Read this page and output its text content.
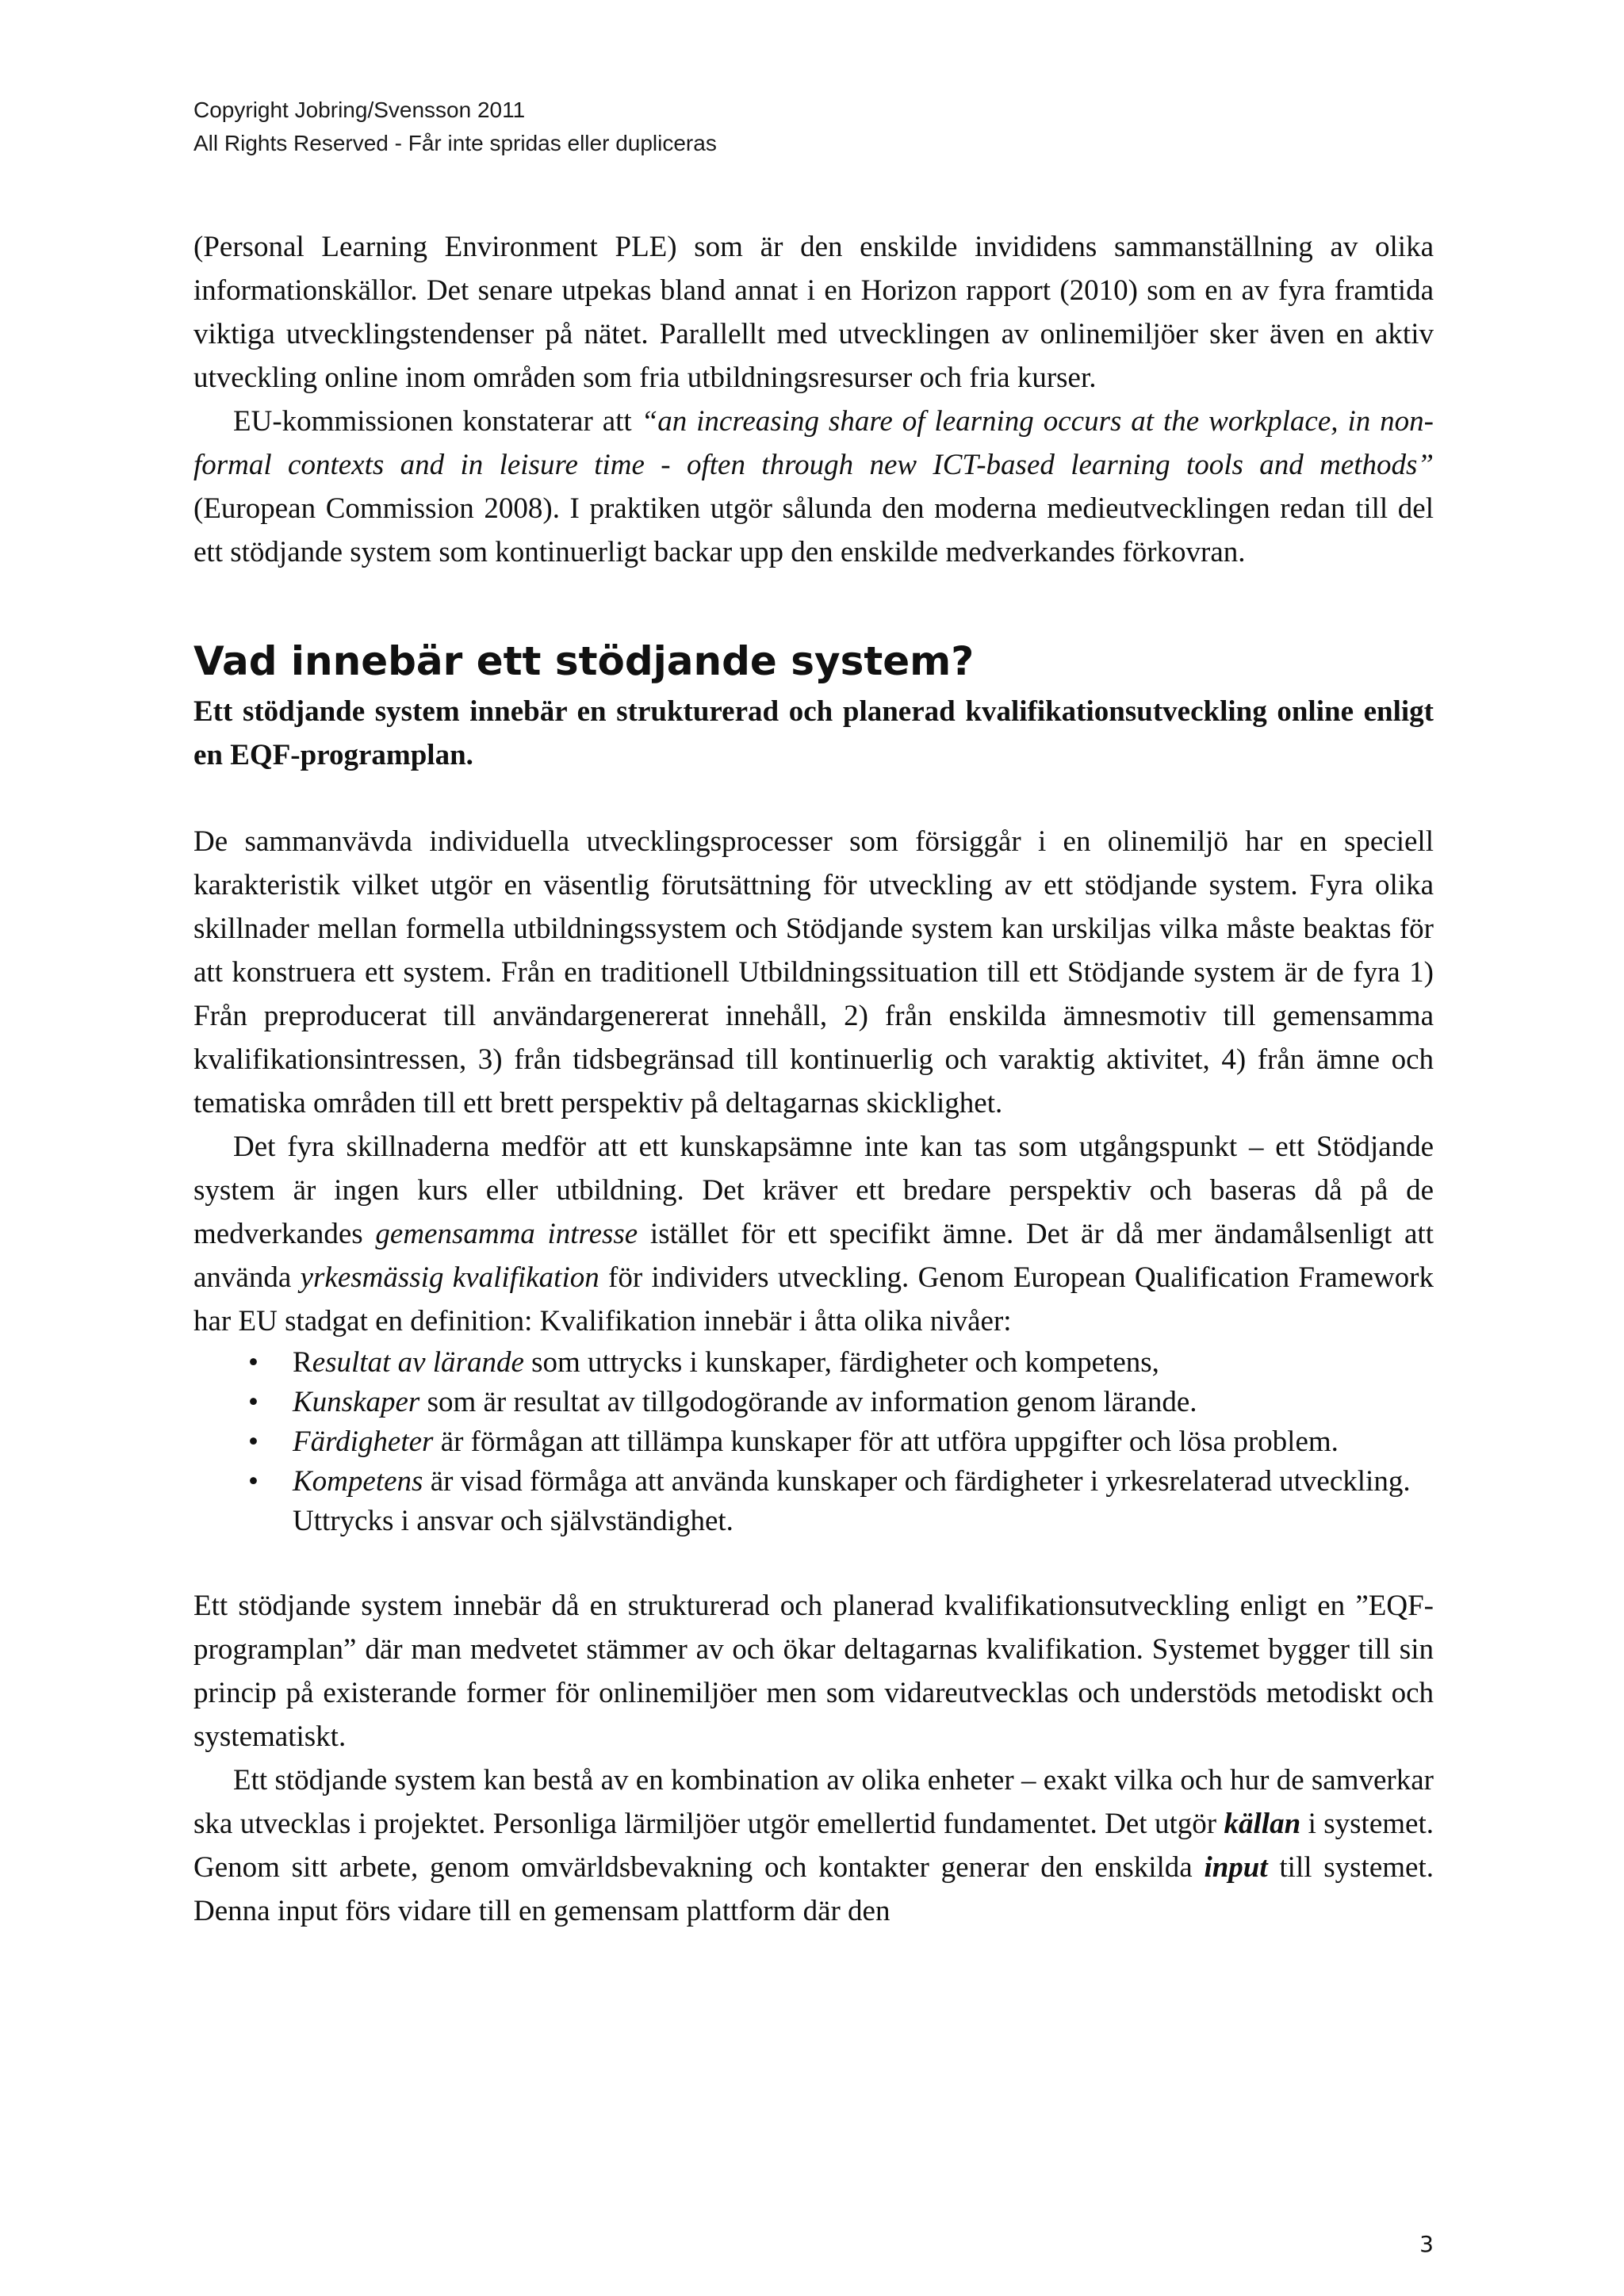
Copyright Jobring/Svensson 2011
All Rights Reserved - Får inte spridas eller dupliceras

(Personal Learning Environment PLE) som är den enskilde invididens sammanställning av olika informationskällor. Det senare utpekas bland annat i en Horizon rapport (2010) som en av fyra framtida viktiga utvecklingstendenser på nätet. Parallellt med utvecklingen av onlinemiljöer sker även en aktiv utveckling online inom områden som fria utbildningsresurser och fria kurser.

EU-kommissionen konstaterar att “an increasing share of learning occurs at the workplace, in non-formal contexts and in leisure time - often through new ICT-based learning tools and methods” (European Commission 2008). I praktiken utgör sålunda den moderna medieutvecklingen redan till del ett stödjande system som kontinuerligt backar upp den enskilde medverkandes förkovran.

Vad innebär ett stödjande system?

Ett stödjande system innebär en strukturerad och planerad kvalifikationsutveckling online enligt en EQF-programplan.

De sammanvävda individuella utvecklingsprocesser som försiggår i en olinemiljö har en speciell karakteristik vilket utgör en väsentlig förutsättning för utveckling av ett stödjande system. Fyra olika skillnader mellan formella utbildningssystem och Stödjande system kan urskiljas vilka måste beaktas för att konstruera ett system. Från en traditionell Utbildningssituation till ett Stödjande system är de fyra 1) Från preproducerat till användargenererat innehåll, 2) från enskilda ämnesmotiv till gemensamma kvalifikationsintressen, 3) från tidsbegränsad till kontinuerlig och varaktig aktivitet, 4) från ämne och tematiska områden till ett brett perspektiv på deltagarnas skicklighet.

Det fyra skillnaderna medför att ett kunskapsämne inte kan tas som utgångspunkt – ett Stödjande system är ingen kurs eller utbildning. Det kräver ett bredare perspektiv och baseras då på de medverkandes gemensamma intresse istället för ett specifikt ämne. Det är då mer ändamålsenligt att använda yrkesmässig kvalifikation för individers utveckling. Genom European Qualification Framework har EU stadgat en definition: Kvalifikation innebär i åtta olika nivåer:

• Resultat av lärande som uttrycks i kunskaper, färdigheter och kompetens,
• Kunskaper som är resultat av tillgodogörande av information genom lärande.
• Färdigheter är förmågan att tillämpa kunskaper för att utföra uppgifter och lösa problem.
• Kompetens är visad förmåga att använda kunskaper och färdigheter i yrkesrelaterad utveckling. Uttrycks i ansvar och självständighet.

Ett stödjande system innebär då en strukturerad och planerad kvalifikationsutveckling enligt en ”EQF-programplan” där man medvetet stämmer av och ökar deltagarnas kvalifikation. Systemet bygger till sin princip på existerande former för onlinemiljöer men som vidareutvecklas och understöds metodiskt och systematiskt.

Ett stödjande system kan bestå av en kombination av olika enheter – exakt vilka och hur de samverkar ska utvecklas i projektet. Personliga lärmiljöer utgör emellertid fundamentet. Det utgör källan i systemet. Genom sitt arbete, genom omvärldsbevakning och kontakter generar den enskilda input till systemet. Denna input förs vidare till en gemensam plattform där den

3
